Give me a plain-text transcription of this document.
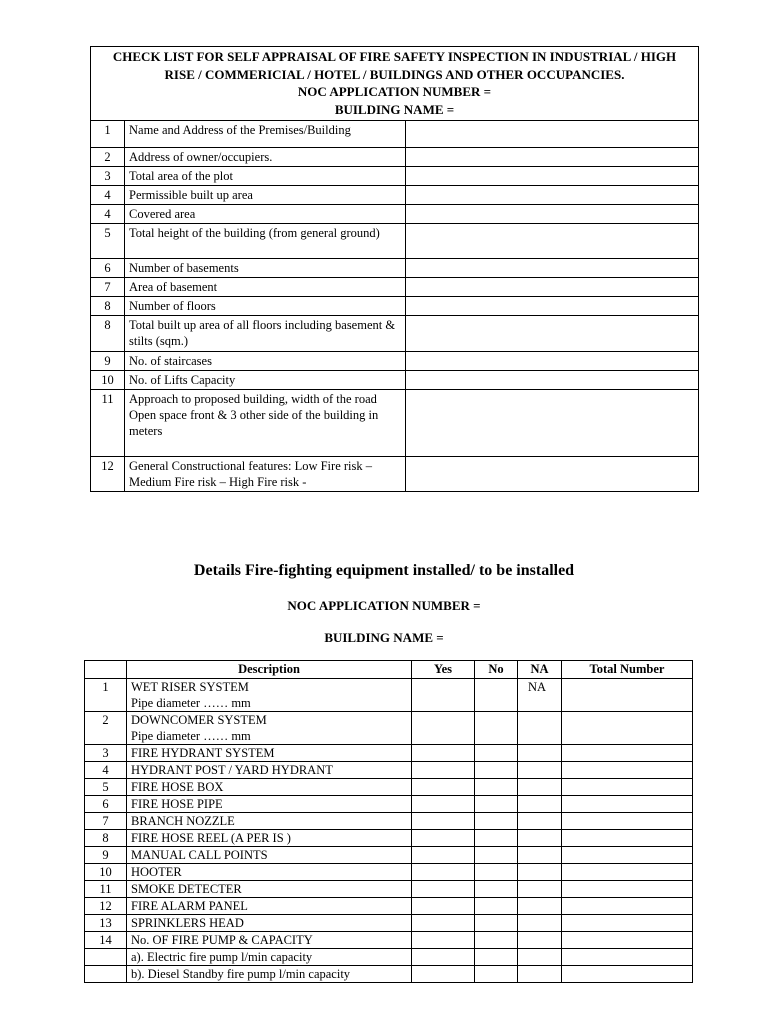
CHECK LIST FOR SELF APPRAISAL OF FIRE SAFETY INSPECTION IN INDUSTRIAL / HIGH RISE / COMMERICIAL / HOTEL / BUILDINGS AND OTHER OCCUPANCIES.
NOC APPLICATION NUMBER =
BUILDING NAME =		

1	Name and Address of the Premises/Building	
2	Address of owner/occupiers.	
3	Total area of the plot	
4	Permissible built up area	
4	Covered area	
5	Total height of the building (from general ground)	
6	Number of basements	
7	Area of basement	
8	Number of floors	
8	Total built up area of all floors including basement & stilts (sqm.)	
9	No. of staircases	
10	No. of Lifts Capacity	
11	Approach to proposed building, width of the road
Open space front & 3 other side of the building in meters	
12	General Constructional features: Low Fire risk – Medium Fire risk – High Fire risk -	
Details Fire-fighting equipment installed/ to be installed
NOC APPLICATION NUMBER =
BUILDING NAME =
	Description	Yes	No	NA	Total Number
1	WET RISER SYSTEM
Pipe diameter …… mm			NA	
2	DOWNCOMER SYSTEM
Pipe diameter …… mm				
3	FIRE HYDRANT SYSTEM				
4	HYDRANT POST / YARD HYDRANT				
5	FIRE HOSE BOX				
6	FIRE HOSE PIPE				
7	BRANCH NOZZLE				
8	FIRE HOSE REEL (A PER IS )				
9	MANUAL CALL POINTS				
10	HOOTER				
11	SMOKE DETECTER				
12	FIRE ALARM PANEL				
13	SPRINKLERS HEAD				
14	No. OF FIRE PUMP & CAPACITY				
	a). Electric fire pump l/min capacity				
	b). Diesel Standby fire pump l/min capacity				
